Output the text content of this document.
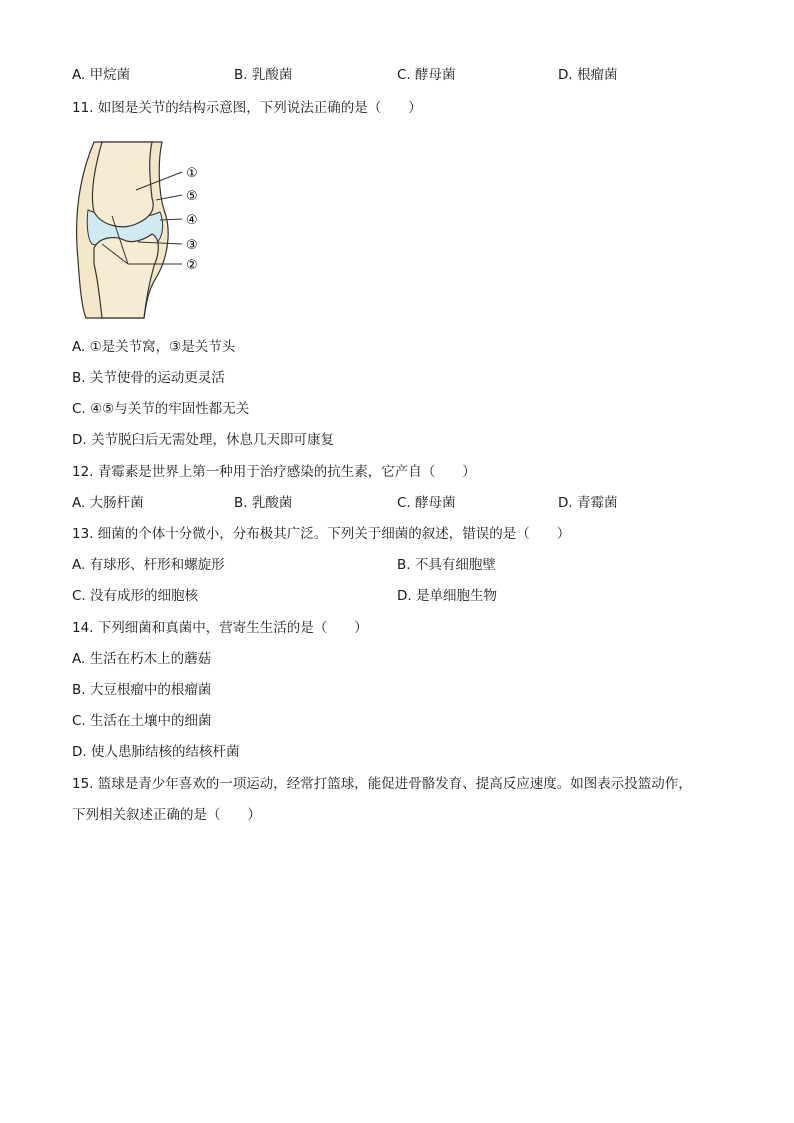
A. 甲烷菌	B. 乳酸菌	C. 酵母菌	D. 根瘤菌
11. 如图是关节的结构示意图，下列说法正确的是（　　）
①
⑤
④
③
②
A. ①是关节窝，③是关节头
B. 关节使骨的运动更灵活
C. ④⑤与关节的牢固性都无关
D. 关节脱臼后无需处理，休息几天即可康复
12. 青霉素是世界上第一种用于治疗感染的抗生素，它产自（　　）
A. 大肠杆菌	B. 乳酸菌	C. 酵母菌	D. 青霉菌
13. 细菌的个体十分微小，分布极其广泛。下列关于细菌的叙述，错误的是（　　）
A. 有球形、杆形和螺旋形	B. 不具有细胞壁
C. 没有成形的细胞核	D. 是单细胞生物
14. 下列细菌和真菌中，营寄生生活的是（　　）
A. 生活在朽木上的蘑菇
B. 大豆根瘤中的根瘤菌
C. 生活在土壤中的细菌
D. 使人患肺结核的结核杆菌
15. 篮球是青少年喜欢的一项运动，经常打篮球，能促进骨骼发育、提高反应速度。如图表示投篮动作，
下列相关叙述正确的是（　　）
